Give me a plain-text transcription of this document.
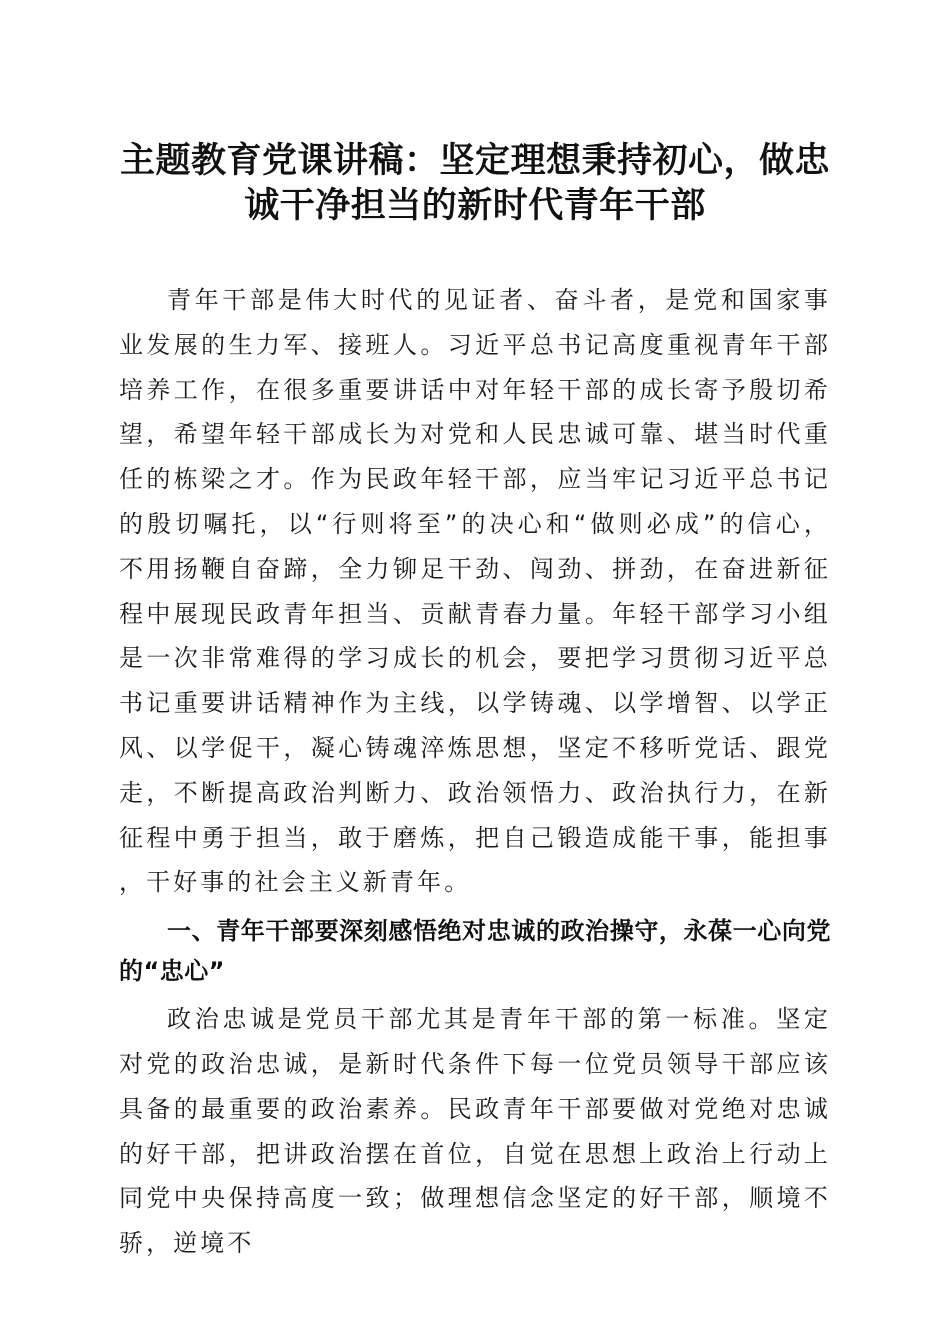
主题教育党课讲稿：坚定理想秉持初心，做忠诚干净担当的新时代青年干部

青年干部是伟大时代的见证者、奋斗者，是党和国家事业发展的生力军、接班人。习近平总书记高度重视青年干部培养工作，在很多重要讲话中对年轻干部的成长寄予殷切希望，希望年轻干部成长为对党和人民忠诚可靠、堪当时代重任的栋梁之才。作为民政年轻干部，应当牢记习近平总书记的殷切嘱托，以“行则将至”的决心和“做则必成”的信心，不用扬鞭自奋蹄，全力铆足干劲、闯劲、拼劲，在奋进新征程中展现民政青年担当、贡献青春力量。年轻干部学习小组是一次非常难得的学习成长的机会，要把学习贯彻习近平总书记重要讲话精神作为主线，以学铸魂、以学增智、以学正风、以学促干，凝心铸魂淬炼思想，坚定不移听党话、跟党走，不断提高政治判断力、政治领悟力、政治执行力，在新征程中勇于担当，敢于磨炼，把自己锻造成能干事，能担事，干好事的社会主义新青年。

一、青年干部要深刻感悟绝对忠诚的政治操守，永葆一心向党的“忠心”

政治忠诚是党员干部尤其是青年干部的第一标准。坚定对党的政治忠诚，是新时代条件下每一位党员领导干部应该具备的最重要的政治素养。民政青年干部要做对党绝对忠诚的好干部，把讲政治摆在首位，自觉在思想上政治上行动上同党中央保持高度一致；做理想信念坚定的好干部，顺境不骄，逆境不
